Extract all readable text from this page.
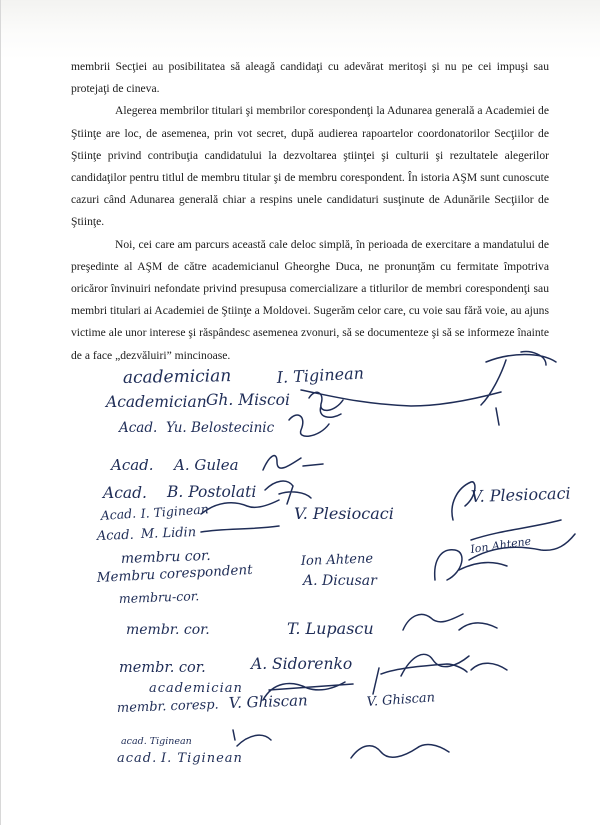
membrii Secţiei au posibilitatea să aleagă candidaţi cu adevărat meritoşi şi nu pe cei impuşi sau protejaţi de cineva.

Alegerea membrilor titulari şi membrilor corespondenţi la Adunarea generală a Academiei de Ştiinţe are loc, de asemenea, prin vot secret, după audierea rapoartelor coordonatorilor Secţiilor de Ştiinţe privind contribuţia candidatului la dezvoltarea ştiinţei şi culturii şi rezultatele alegerilor candidaţilor pentru titlul de membru titular şi de membru corespondent. În istoria AŞM sunt cunoscute cazuri când Adunarea generală chiar a respins unele candidaturi susţinute de Adunările Secţiilor de Ştiinţe.

Noi, cei care am parcurs această cale deloc simplă, în perioada de exercitare a mandatului de preşedinte al AŞM de către academicianul Gheorghe Duca, ne pronunţăm cu fermitate împotriva oricăror învinuiri nefondate privind presupusa comercializare a titlurilor de membri corespondenţi sau membri titulari ai Academiei de Ştiinţe a Moldovei. Sugerăm celor care, cu voie sau fără voie, au ajuns victime ale unor interese şi răspândesc asemenea zvonuri, să se documenteze şi să se informeze înainte de a face „dezvăluiri” mincinoase.

academician	I. Tiginean
Academician Gh. Miscoi
Acad. Yu. Belostecinic
Acad. A. Gulea
Acad. B. Postolati
Acad. I. Tiginean
Acad. M. Lidin
V. Plesiocaci
V. Plesiocaci
membru cor.
Membru corespondent
Ion Ahtene
Ion Ahtene
A. Dicusar
membru-cor.
membr. cor.	T. Lupascu
membr. cor.	A. Sidorenko
academician
membr. coresp. V. Ghiscan	V. Ghiscan
acad. Tiginean
acad. I. Tiginean
